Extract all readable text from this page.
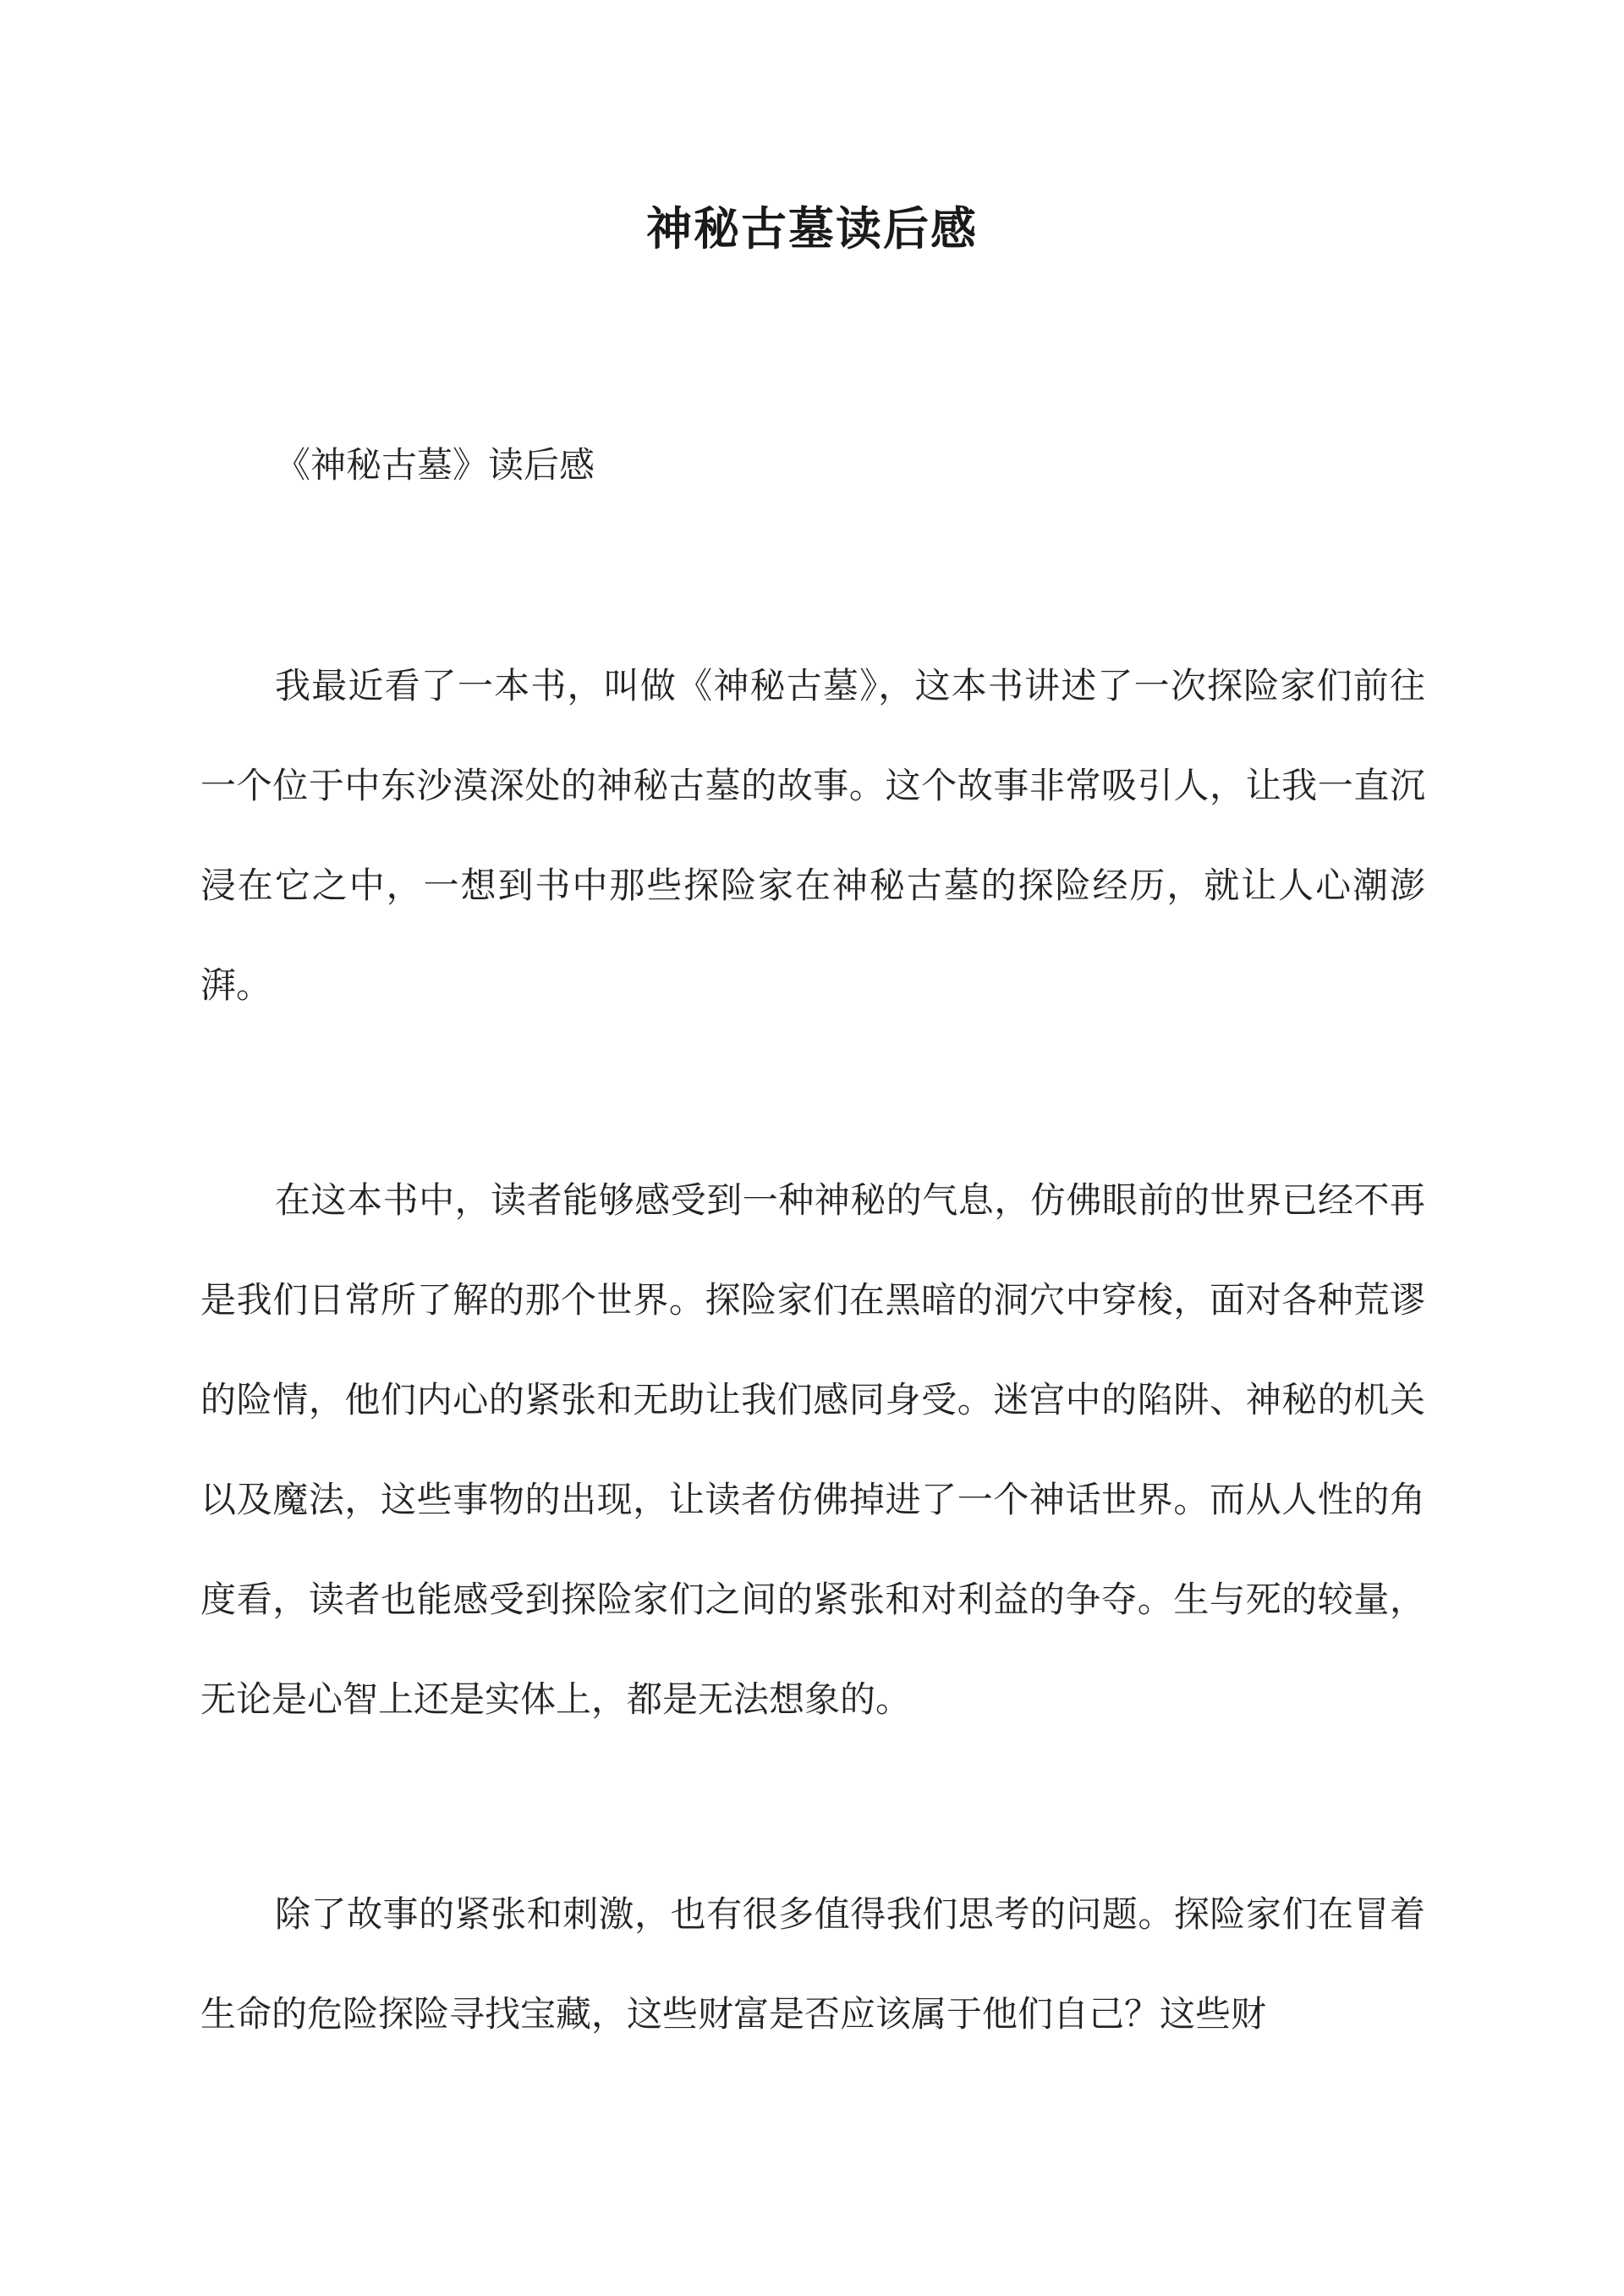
神秘古墓读后感
《神秘古墓》读后感

我最近看了一本书，叫做《神秘古墓》，这本书讲述了一次探险家们前往一个位于中东沙漠深处的神秘古墓的故事。这个故事非常吸引人，让我一直沉浸在它之中，一想到书中那些探险家在神秘古墓的探险经历，就让人心潮澎湃。

在这本书中，读者能够感受到一种神秘的气息，仿佛眼前的世界已经不再是我们日常所了解的那个世界。探险家们在黑暗的洞穴中穿梭，面对各种荒谬的险情，他们内心的紧张和无助让我们感同身受。迷宫中的陷阱、神秘的机关以及魔法，这些事物的出现，让读者仿佛掉进了一个神话世界。而从人性的角度看，读者也能感受到探险家们之间的紧张和对利益的争夺。生与死的较量，无论是心智上还是实体上，都是无法想象的。

除了故事的紧张和刺激，也有很多值得我们思考的问题。探险家们在冒着生命的危险探险寻找宝藏，这些财富是否应该属于他们自己？这些财
